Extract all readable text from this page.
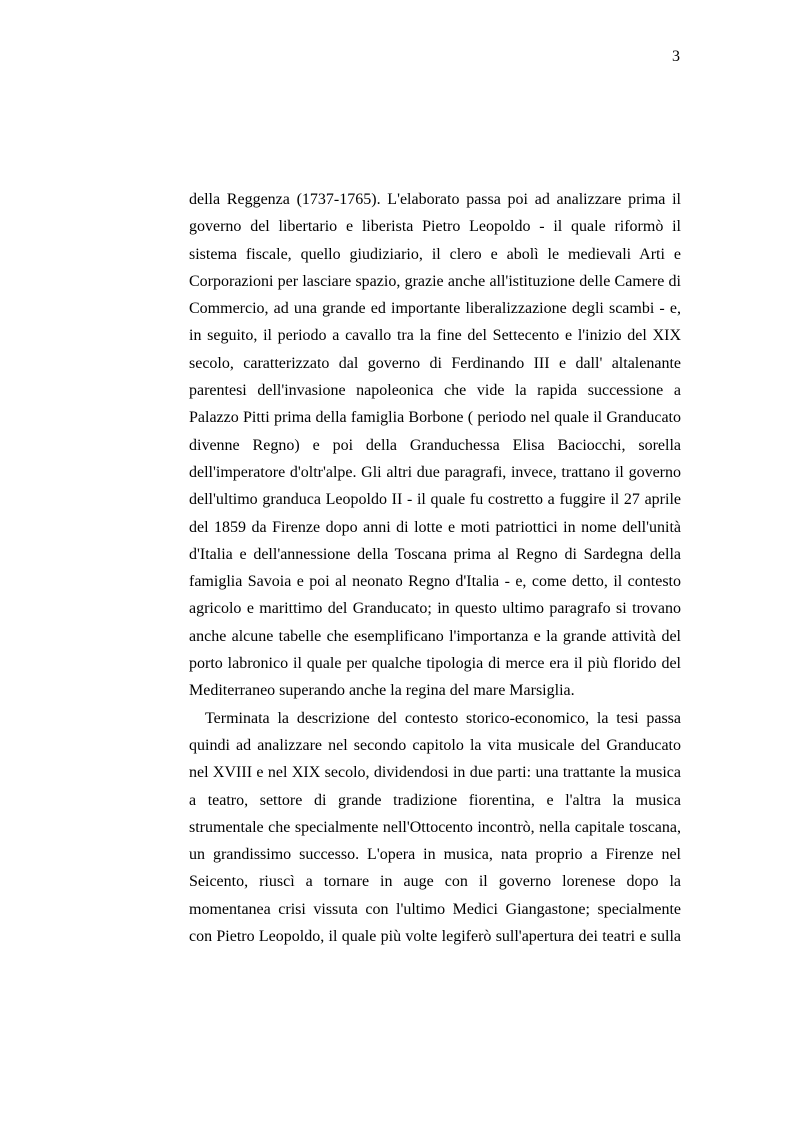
3
della Reggenza (1737-1765). L'elaborato passa poi ad analizzare prima il
governo del libertario e liberista Pietro Leopoldo - il quale riformò il
sistema fiscale, quello giudiziario, il clero e abolì le medievali Arti e
Corporazioni per lasciare spazio, grazie anche all'istituzione delle Camere di
Commercio, ad una grande ed importante liberalizzazione degli scambi - e,
in seguito, il periodo a cavallo tra la fine del Settecento e l'inizio del XIX
secolo, caratterizzato dal governo di Ferdinando III e dall' altalenante
parentesi dell'invasione napoleonica che vide la rapida successione a
Palazzo Pitti prima della famiglia Borbone ( periodo nel quale il Granducato
divenne Regno) e poi della Granduchessa Elisa Baciocchi, sorella
dell'imperatore d'oltr'alpe. Gli altri due paragrafi, invece, trattano il governo
dell'ultimo granduca Leopoldo II - il quale fu costretto a fuggire il 27 aprile
del 1859 da Firenze dopo anni di lotte e moti patriottici in nome dell'unità
d'Italia e dell'annessione della Toscana prima al Regno di Sardegna della
famiglia Savoia e poi al neonato Regno d'Italia - e, come detto, il contesto
agricolo e marittimo del Granducato; in questo ultimo paragrafo si trovano
anche alcune tabelle che esemplificano l'importanza e la grande attività del
porto labronico il quale per qualche tipologia di merce era il più florido del
Mediterraneo superando anche la regina del mare Marsiglia.
Terminata la descrizione del contesto storico-economico, la tesi passa
quindi ad analizzare nel secondo capitolo la vita musicale del Granducato
nel XVIII e nel XIX secolo, dividendosi in due parti: una trattante la musica
a teatro, settore di grande tradizione fiorentina, e l'altra la musica
strumentale che specialmente nell'Ottocento incontrò, nella capitale toscana,
un grandissimo successo. L'opera in musica, nata proprio a Firenze nel
Seicento, riuscì a tornare in auge con il governo lorenese dopo la
momentanea crisi vissuta con l'ultimo Medici Giangastone; specialmente
con Pietro Leopoldo, il quale più volte legiferò sull'apertura dei teatri e sulla
